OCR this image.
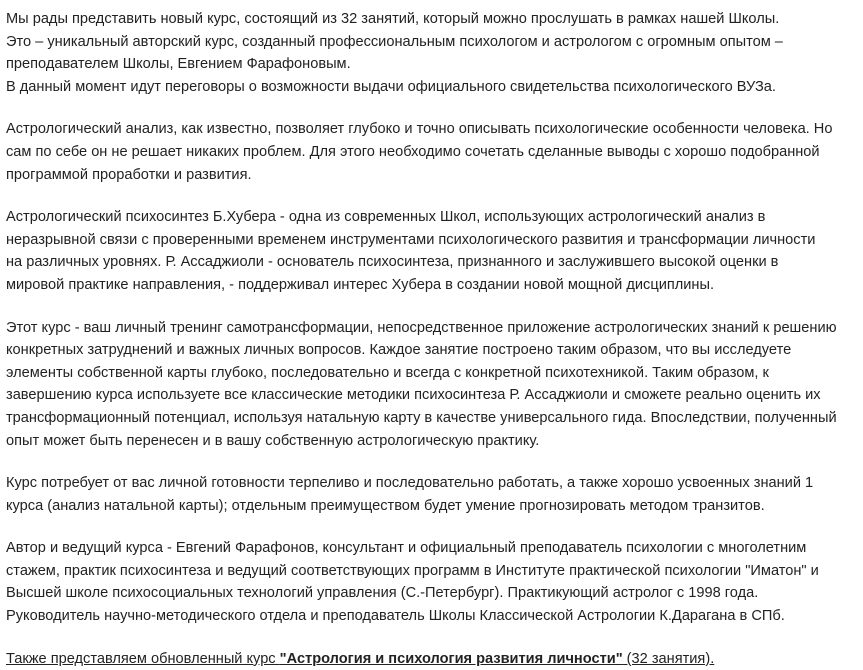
Мы рады представить новый курс, состоящий из 32 занятий, который можно прослушать в рамках нашей Школы.
Это – уникальный авторский курс, созданный профессиональным психологом и астрологом с огромным опытом –
преподавателем Школы, Евгением Фарафоновым.
В данный момент идут переговоры о возможности выдачи официального свидетельства психологического ВУЗа.

Астрологический анализ, как известно, позволяет глубоко и точно описывать психологические особенности человека. Но
сам по себе он не решает никаких проблем. Для этого необходимо сочетать сделанные выводы с хорошо подобранной
программой проработки и развития.

Астрологический психосинтез Б.Хубера - одна из современных Школ, использующих астрологический анализ в
неразрывной связи с проверенными временем инструментами психологического развития и трансформации личности
на различных уровнях. Р. Ассаджиоли - основатель психосинтеза, признанного и заслужившего высокой оценки в
мировой практике направления, - поддерживал интерес Хубера в создании новой мощной дисциплины.

Этот курс - ваш личный тренинг самотрансформации, непосредственное приложение астрологических знаний к решению
конкретных затруднений и важных личных вопросов. Каждое занятие построено таким образом, что вы исследуете
элементы собственной карты глубоко, последовательно и всегда с конкретной психотехникой. Таким образом, к
завершению курса используете все классические методики психосинтеза Р. Ассаджиоли и сможете реально оценить их
трансформационный потенциал, используя натальную карту в качестве универсального гида. Впоследствии, полученный
опыт может быть перенесен и в вашу собственную астрологическую практику.

Курс потребует от вас личной готовности терпеливо и последовательно работать, а также хорошо усвоенных знаний 1
курса (анализ натальной карты); отдельным преимуществом будет умение прогнозировать методом транзитов.

Автор и ведущий курса - Евгений Фарафонов, консультант и официальный преподаватель психологии с многолетним
стажем, практик психосинтеза и ведущий соответствующих программ в Институте практической психологии "Иматон" и
Высшей школе психосоциальных технологий управления (С.-Петербург). Практикующий астролог с 1998 года.
Руководитель научно-методического отдела и преподаватель Школы Классической Астрологии К.Дарагана в СПб.

Также представляем обновленный курс "Астрология и психология развития личности" (32 занятия).
